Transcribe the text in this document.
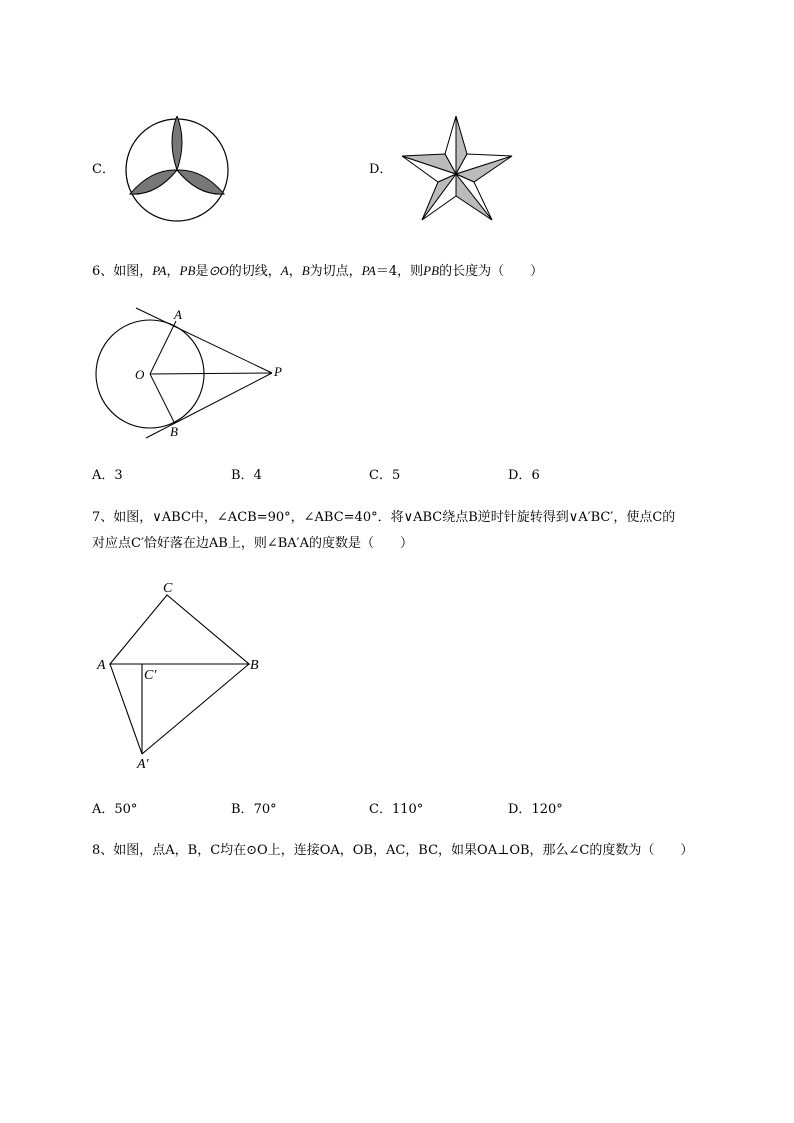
C．	D．
6、如图，PA，PB是⊙O的切线，A，B为切点，PA＝4，则PB的长度为（　　）
A
O	P
B
A．3	B．4	C．5	D．6
7、如图，∨ABC中，∠ACB=90°，∠ABC=40°．将∨ABC绕点B逆时针旋转得到∨A′BC′，使点C的
对应点C′恰好落在边AB上，则∠BA′A的度数是（　　）
C
A	B
C′
A′
A．50°	B．70°	C．110°	D．120°
8、如图，点A，B，C均在⊙O上，连接OA，OB，AC，BC，如果OA⊥OB，那么∠C的度数为（　　）
